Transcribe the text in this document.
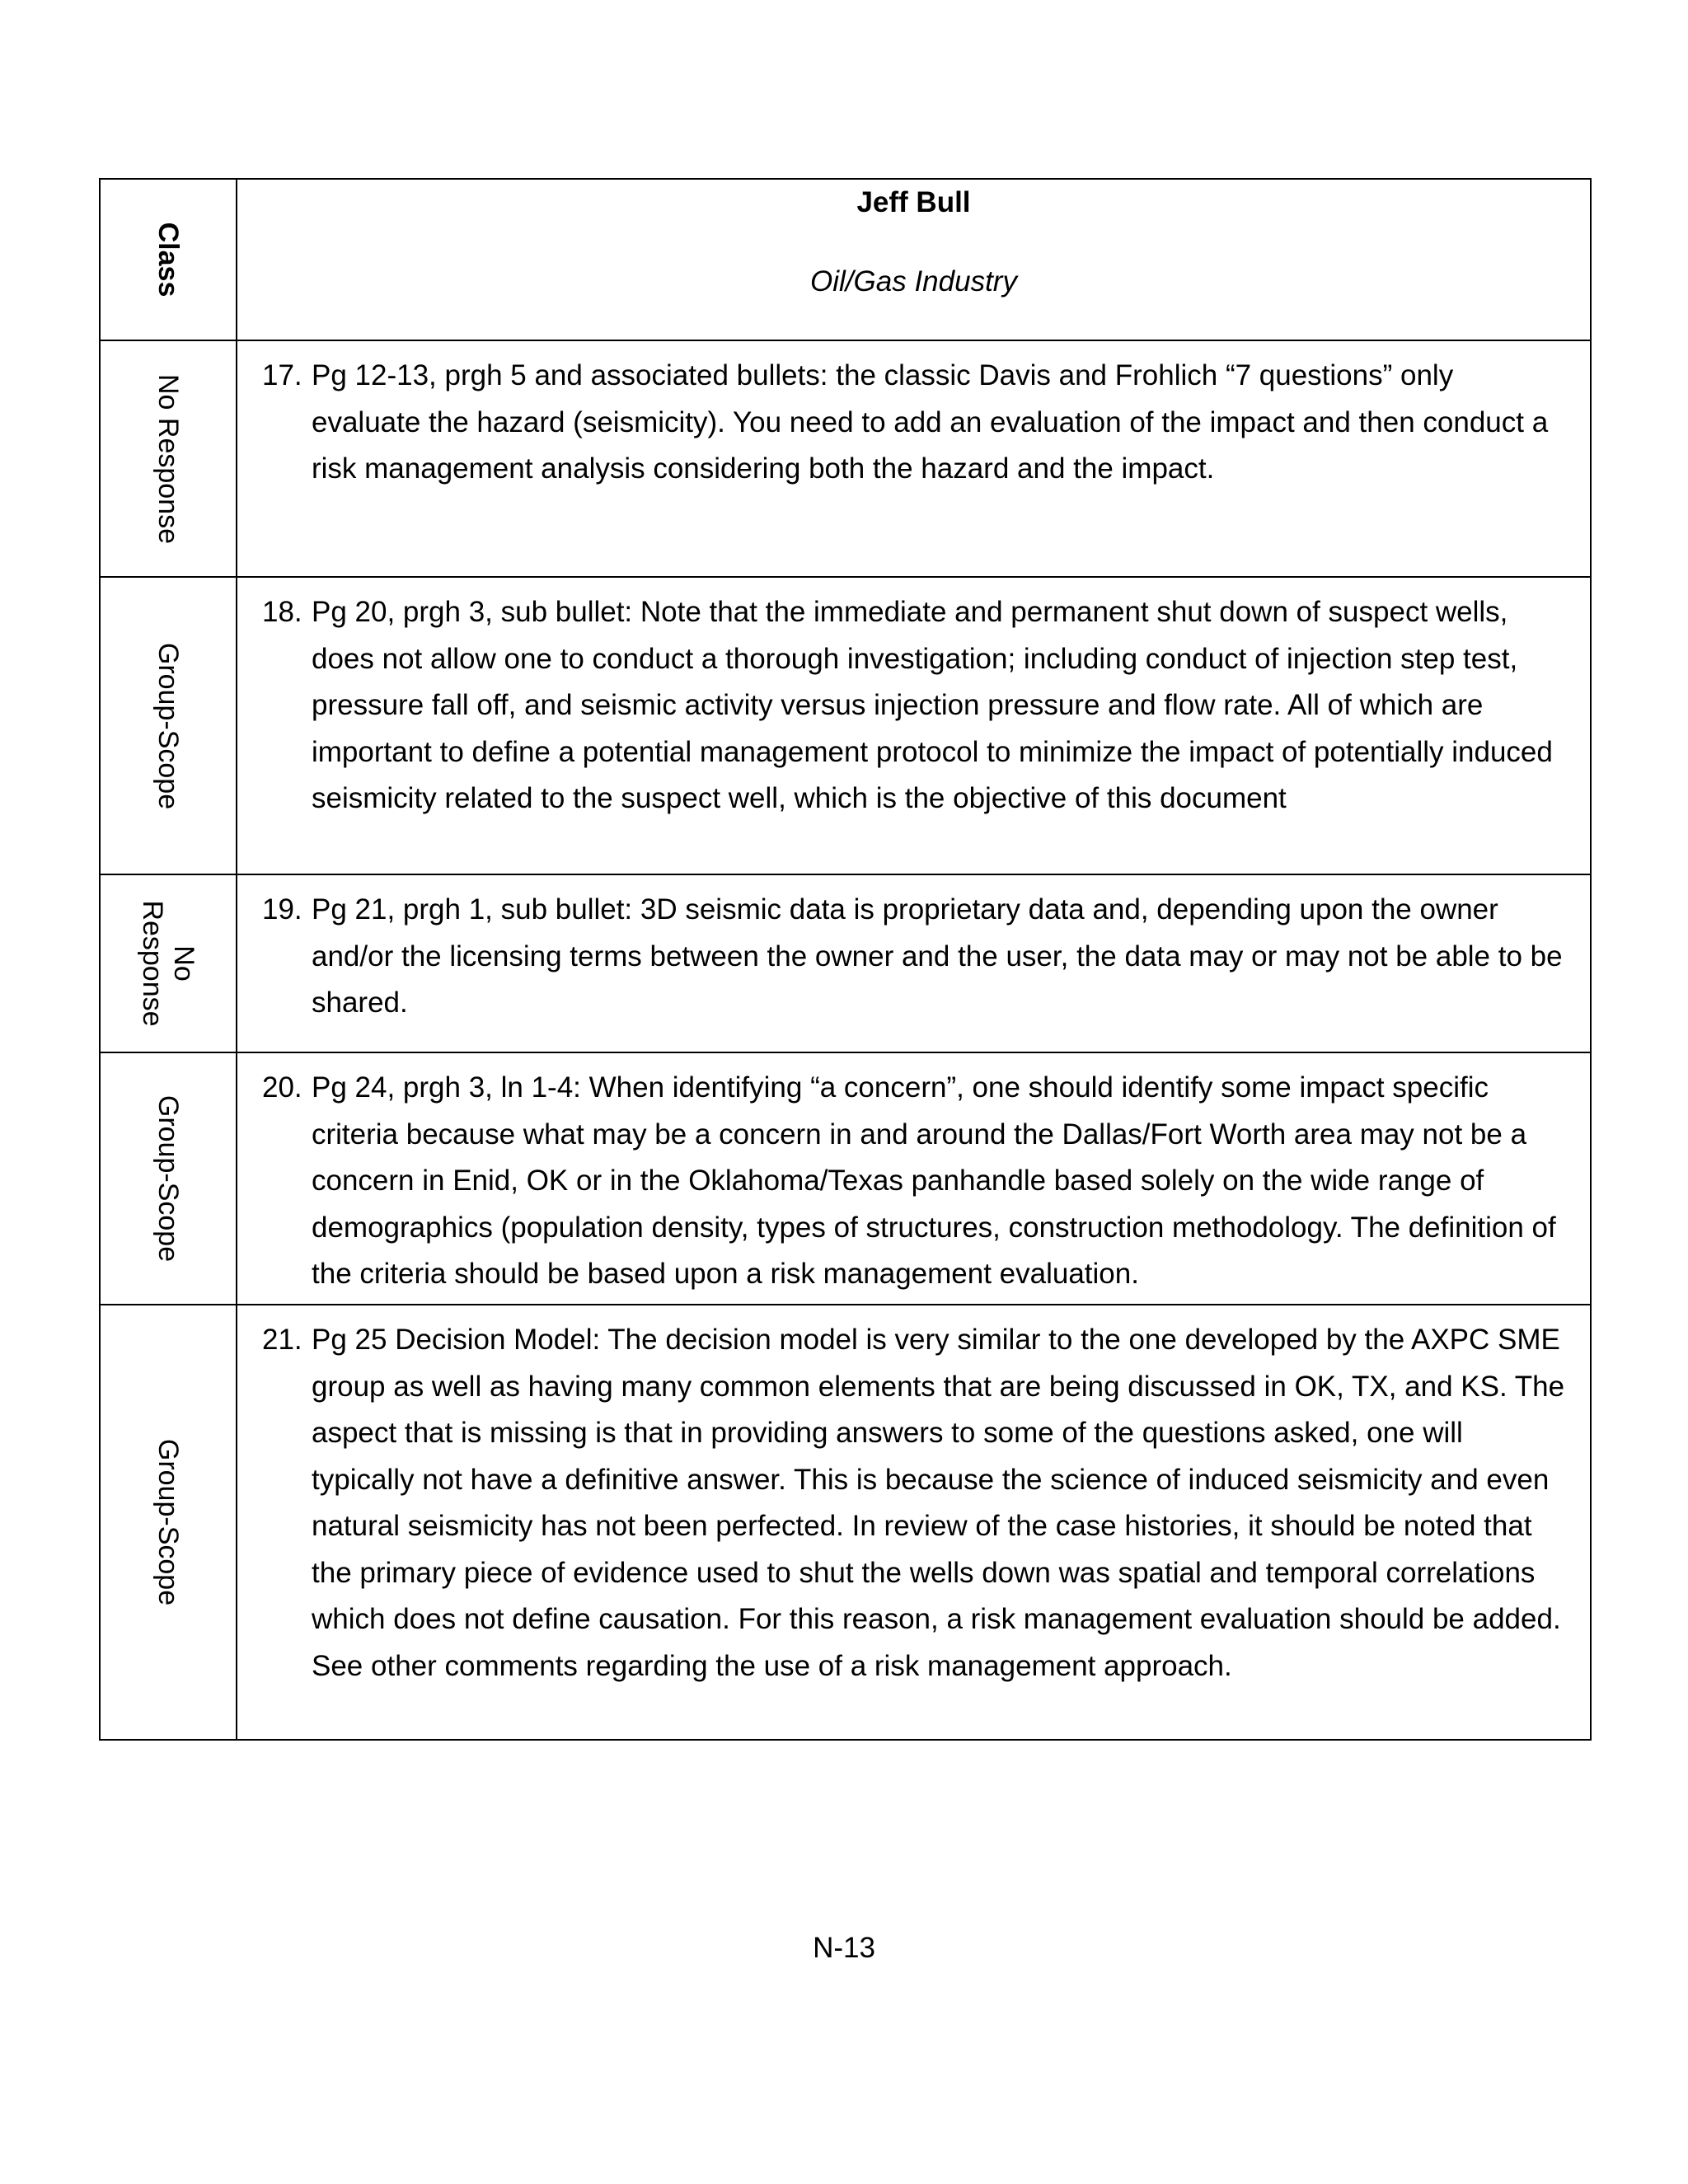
Class
Jeff Bull
Oil/Gas Industry
No Response	17. Pg 12-13, prgh 5 and associated bullets: the classic Davis and Frohlich “7 questions” only evaluate the hazard (seismicity). You need to add an evaluation of the impact and then conduct a risk management analysis considering both the hazard and the impact.
Group-Scope
18. Pg 20, prgh 3, sub bullet: Note that the immediate and permanent shut down of suspect wells, does not allow one to conduct a thorough investigation; including conduct of injection step test, pressure fall off, and seismic activity versus injection pressure and flow rate. All of which are important to define a potential management protocol to minimize the impact of potentially induced seismicity related to the suspect well, which is the objective of this document
No Response	19. Pg 21, prgh 1, sub bullet: 3D seismic data is proprietary data and, depending upon the owner and/or the licensing terms between the owner and the user, the data may or may not be able to be shared.
Group-Scope
20. Pg 24, prgh 3, ln 1-4: When identifying “a concern”, one should identify some impact specific criteria because what may be a concern in and around the Dallas/Fort Worth area may not be a concern in Enid, OK or in the Oklahoma/Texas panhandle based solely on the wide range of demographics (population density, types of structures, construction methodology. The definition of the criteria should be based upon a risk management evaluation.
Group-Scope
21. Pg 25 Decision Model: The decision model is very similar to the one developed by the AXPC SME group as well as having many common elements that are being discussed in OK, TX, and KS. The aspect that is missing is that in providing answers to some of the questions asked, one will typically not have a definitive answer. This is because the science of induced seismicity and even natural seismicity has not been perfected. In review of the case histories, it should be noted that the primary piece of evidence used to shut the wells down was spatial and temporal correlations which does not define causation. For this reason, a risk management evaluation should be added. See other comments regarding the use of a risk management approach.
N-13
